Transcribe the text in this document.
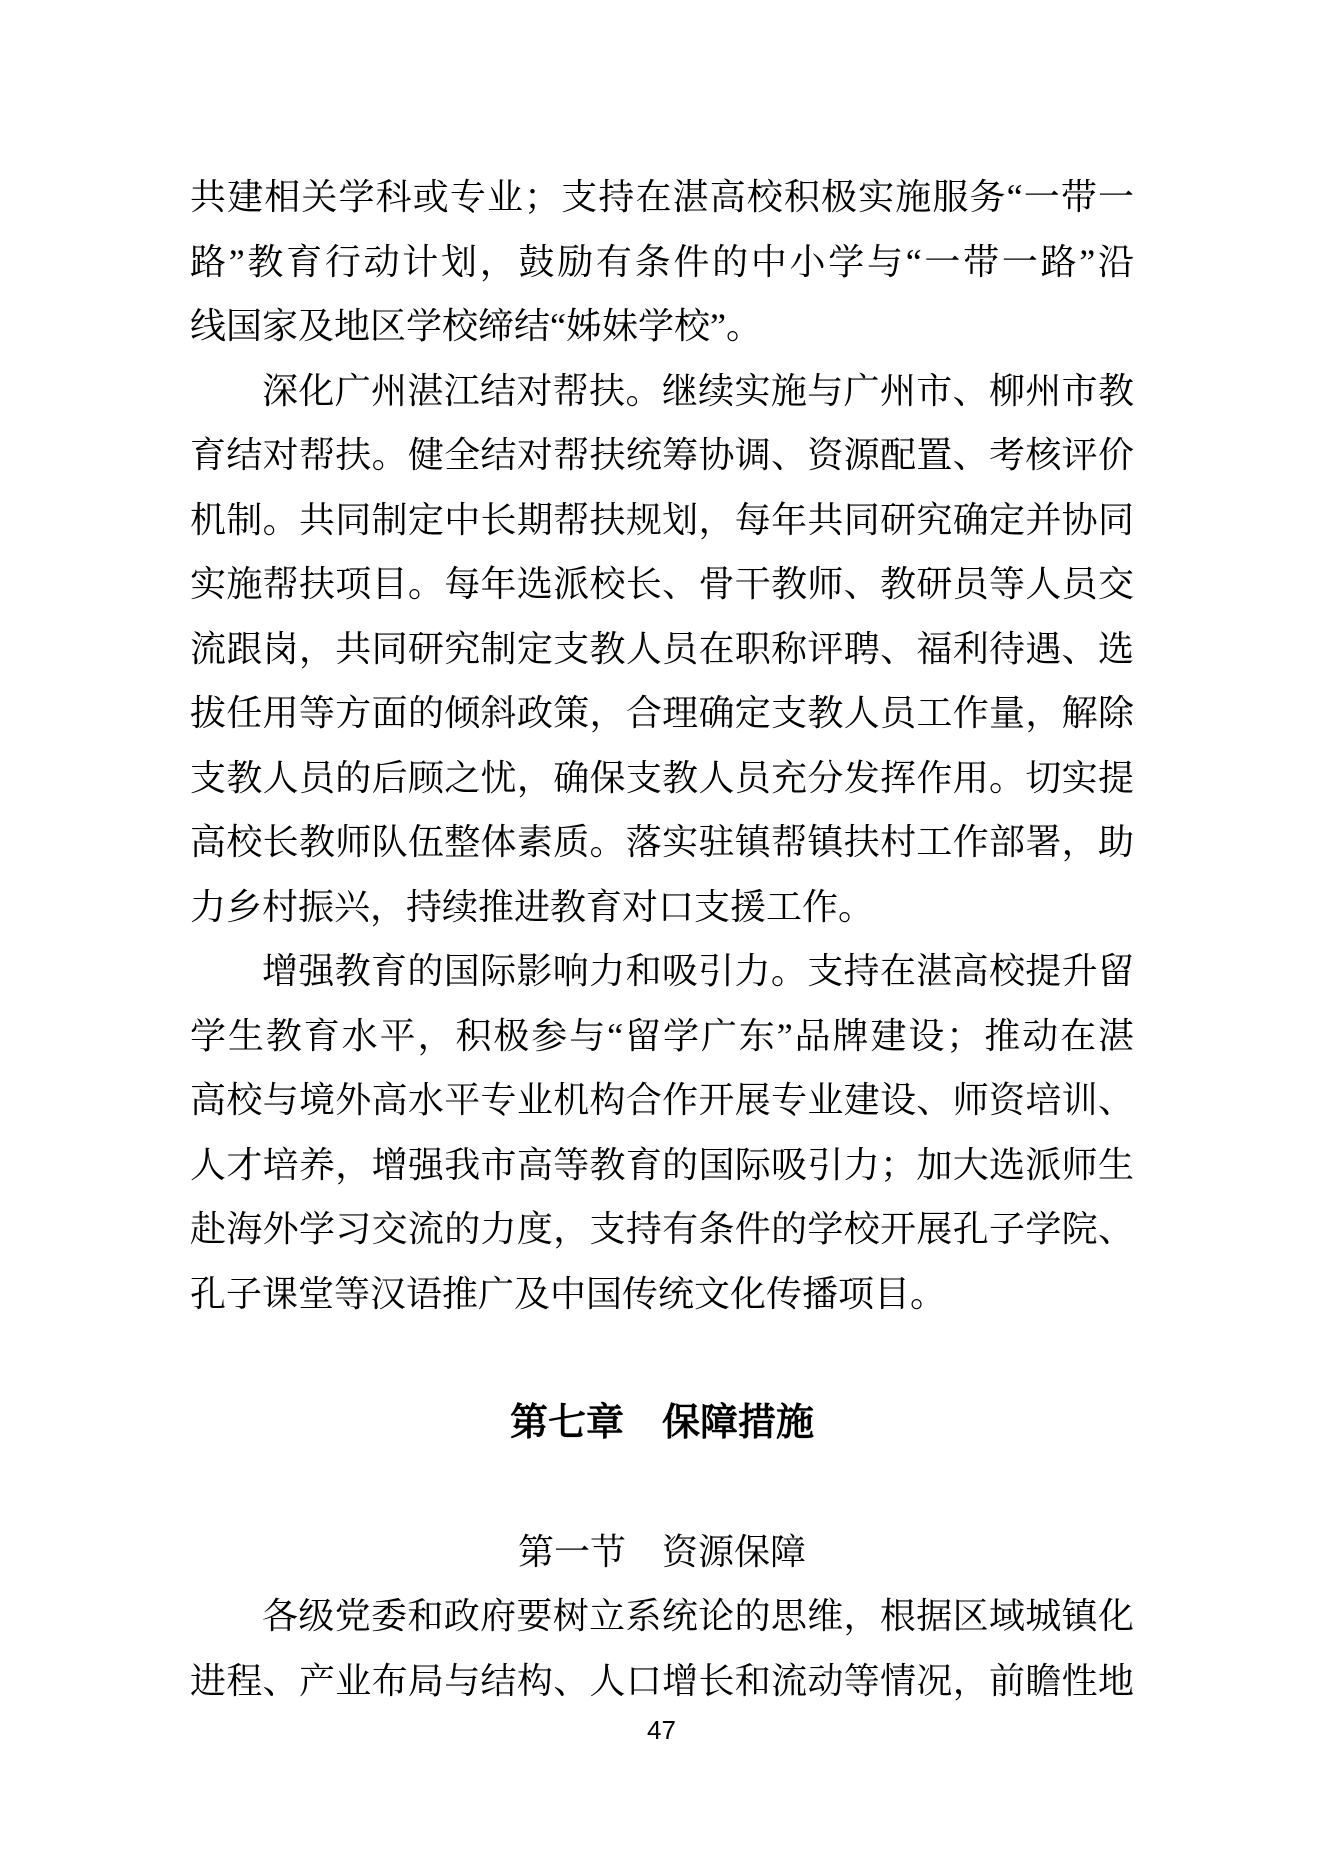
共建相关学科或专业；支持在湛高校积极实施服务“一带一
路”教育行动计划，鼓励有条件的中小学与“一带一路”沿
线国家及地区学校缔结“姊妹学校”。
深化广州湛江结对帮扶。继续实施与广州市、柳州市教
育结对帮扶。健全结对帮扶统筹协调、资源配置、考核评价
机制。共同制定中长期帮扶规划，每年共同研究确定并协同
实施帮扶项目。每年选派校长、骨干教师、教研员等人员交
流跟岗，共同研究制定支教人员在职称评聘、福利待遇、选
拔任用等方面的倾斜政策，合理确定支教人员工作量，解除
支教人员的后顾之忧，确保支教人员充分发挥作用。切实提
高校长教师队伍整体素质。落实驻镇帮镇扶村工作部署，助
力乡村振兴，持续推进教育对口支援工作。
增强教育的国际影响力和吸引力。支持在湛高校提升留
学生教育水平，积极参与“留学广东”品牌建设；推动在湛
高校与境外高水平专业机构合作开展专业建设、师资培训、
人才培养，增强我市高等教育的国际吸引力；加大选派师生
赴海外学习交流的力度，支持有条件的学校开展孔子学院、
孔子课堂等汉语推广及中国传统文化传播项目。
第七章　保障措施
第一节　资源保障
各级党委和政府要树立系统论的思维，根据区域城镇化
进程、产业布局与结构、人口增长和流动等情况，前瞻性地
47
